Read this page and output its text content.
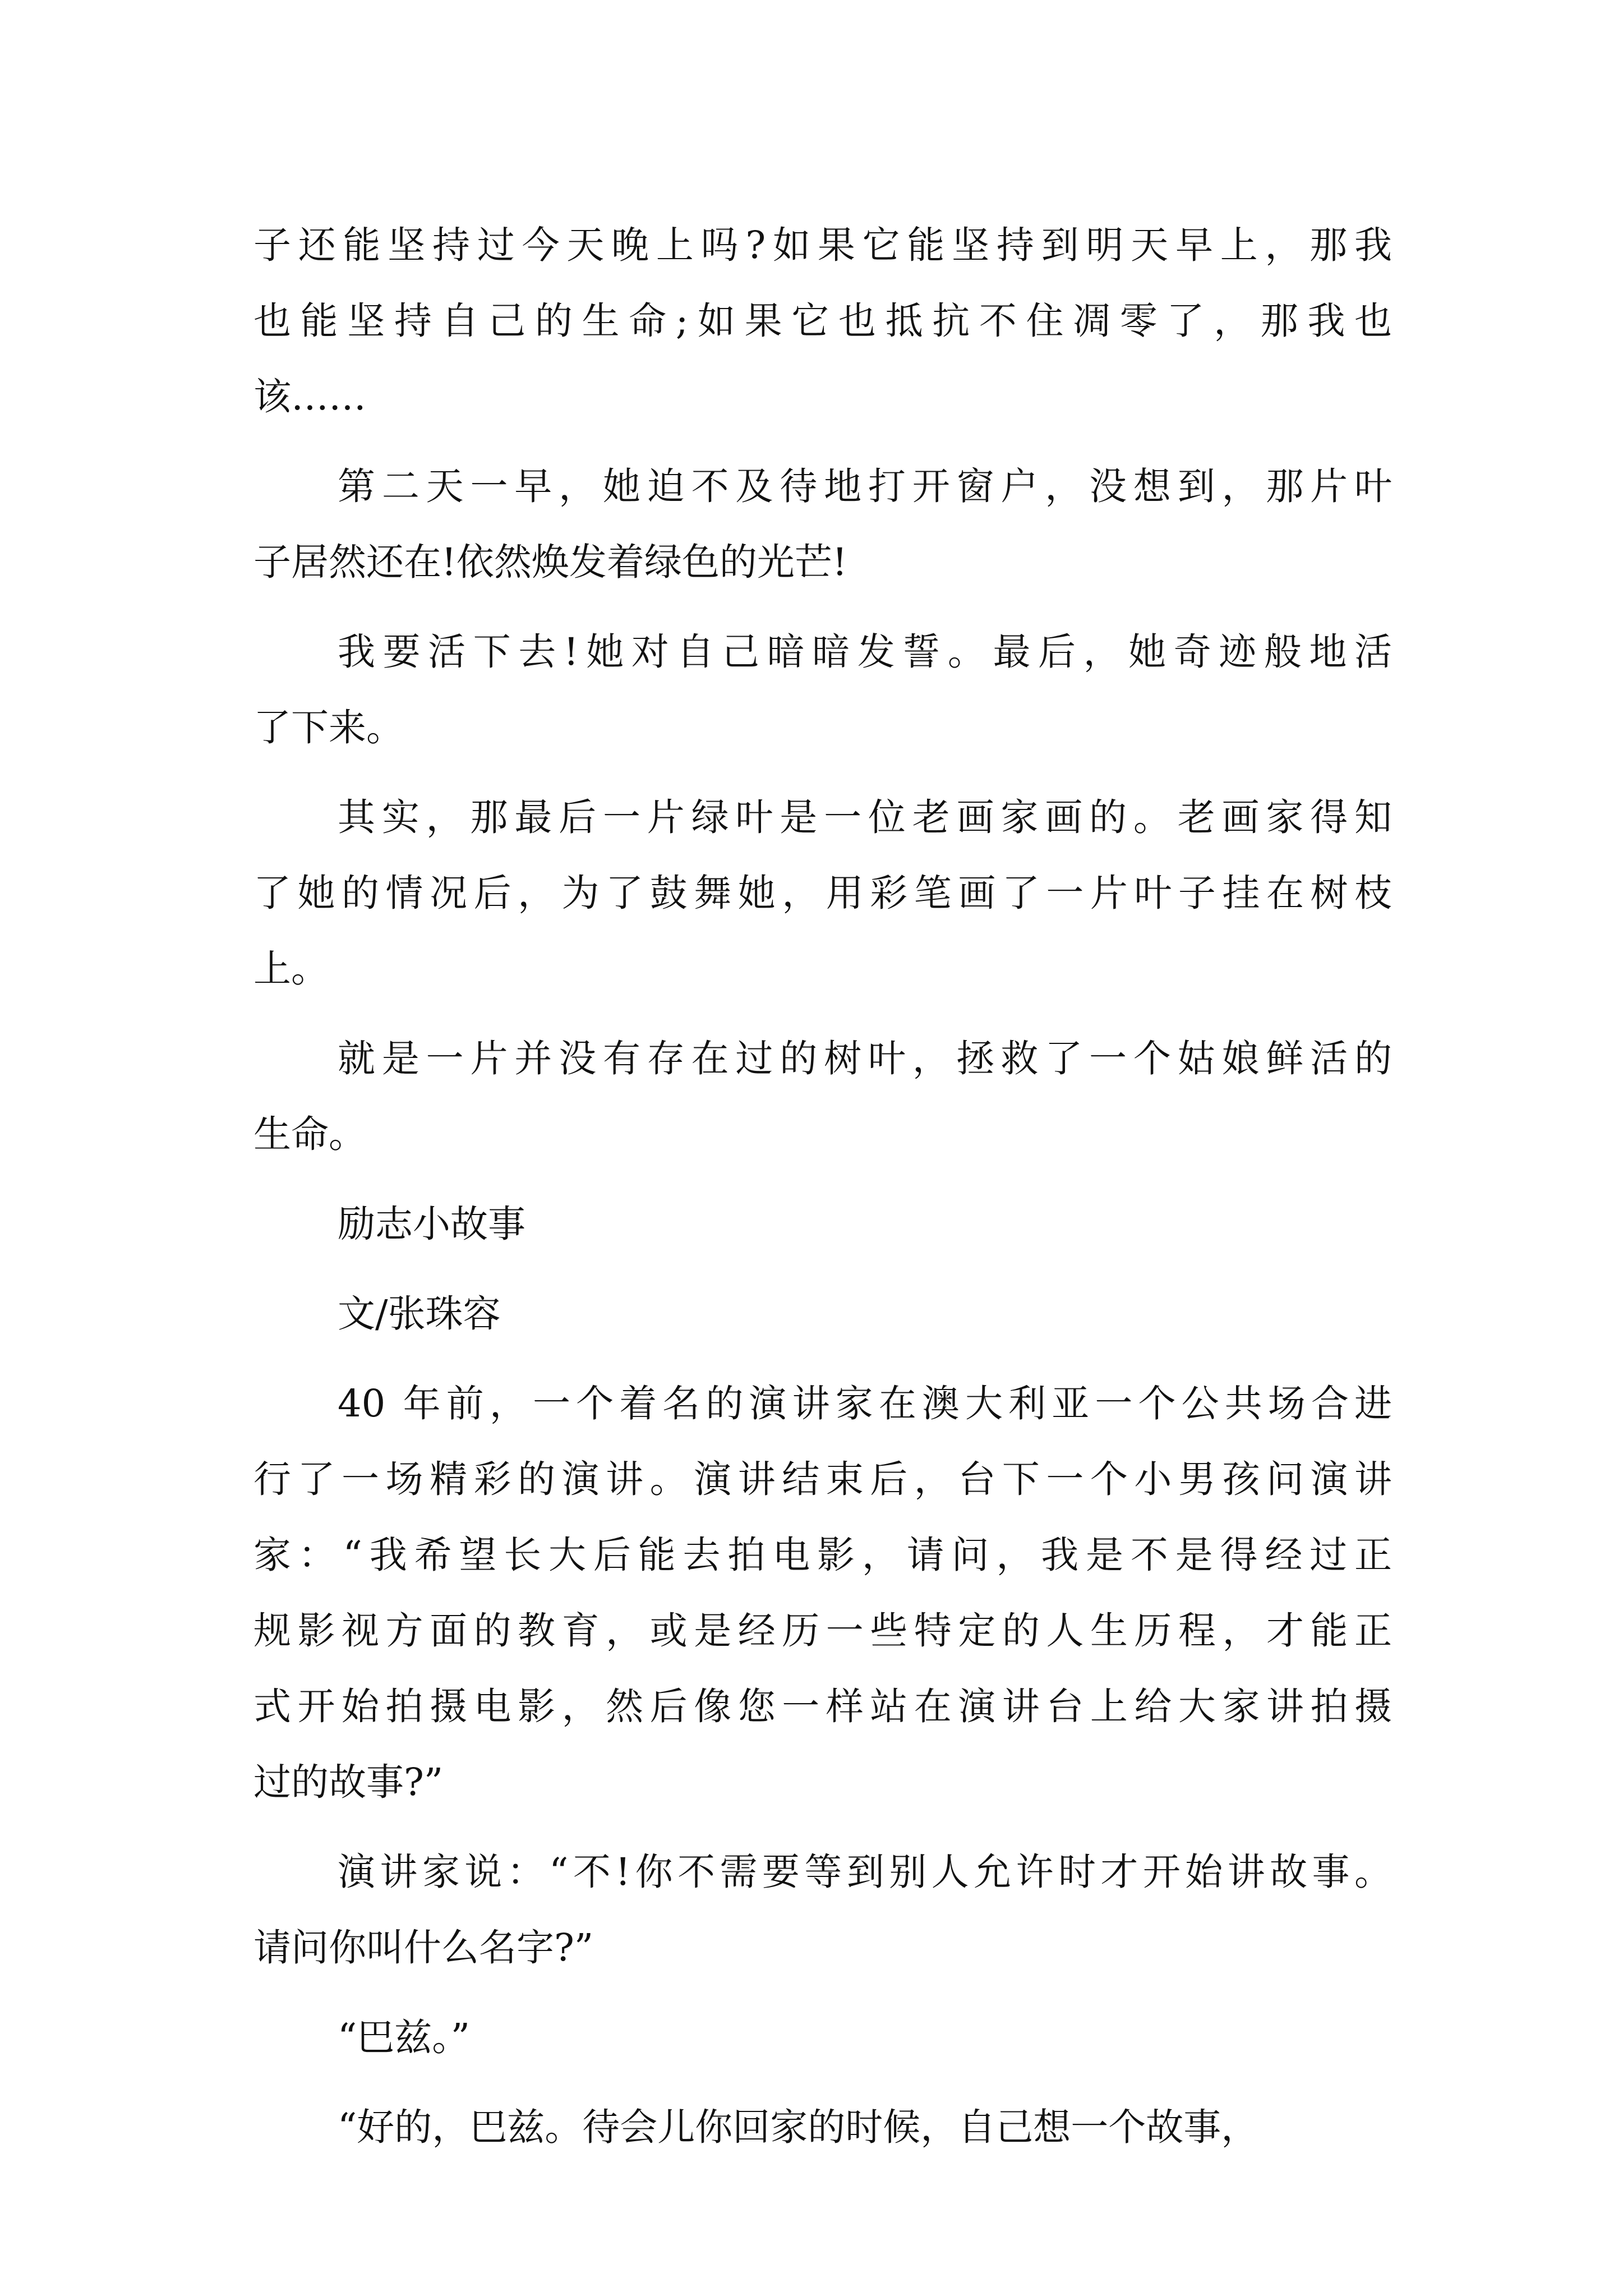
子还能坚持过今天晚上吗?如果它能坚持到明天早上，那我
也能坚持自己的生命;如果它也抵抗不住凋零了，那我也
该……
第二天一早，她迫不及待地打开窗户，没想到，那片叶
子居然还在!依然焕发着绿色的光芒!
我要活下去!她对自己暗暗发誓。最后，她奇迹般地活
了下来。
其实，那最后一片绿叶是一位老画家画的。老画家得知
了她的情况后，为了鼓舞她，用彩笔画了一片叶子挂在树枝
上。
就是一片并没有存在过的树叶，拯救了一个姑娘鲜活的
生命。
励志小故事
文/张珠容
40 年前，一个着名的演讲家在澳大利亚一个公共场合进
行了一场精彩的演讲。演讲结束后，台下一个小男孩问演讲
家：“我希望长大后能去拍电影，请问，我是不是得经过正
规影视方面的教育，或是经历一些特定的人生历程，才能正
式开始拍摄电影，然后像您一样站在演讲台上给大家讲拍摄
过的故事?”
演讲家说：“不!你不需要等到别人允许时才开始讲故事。
请问你叫什么名字?”
“巴兹。”
“好的，巴兹。待会儿你回家的时候，自己想一个故事，
